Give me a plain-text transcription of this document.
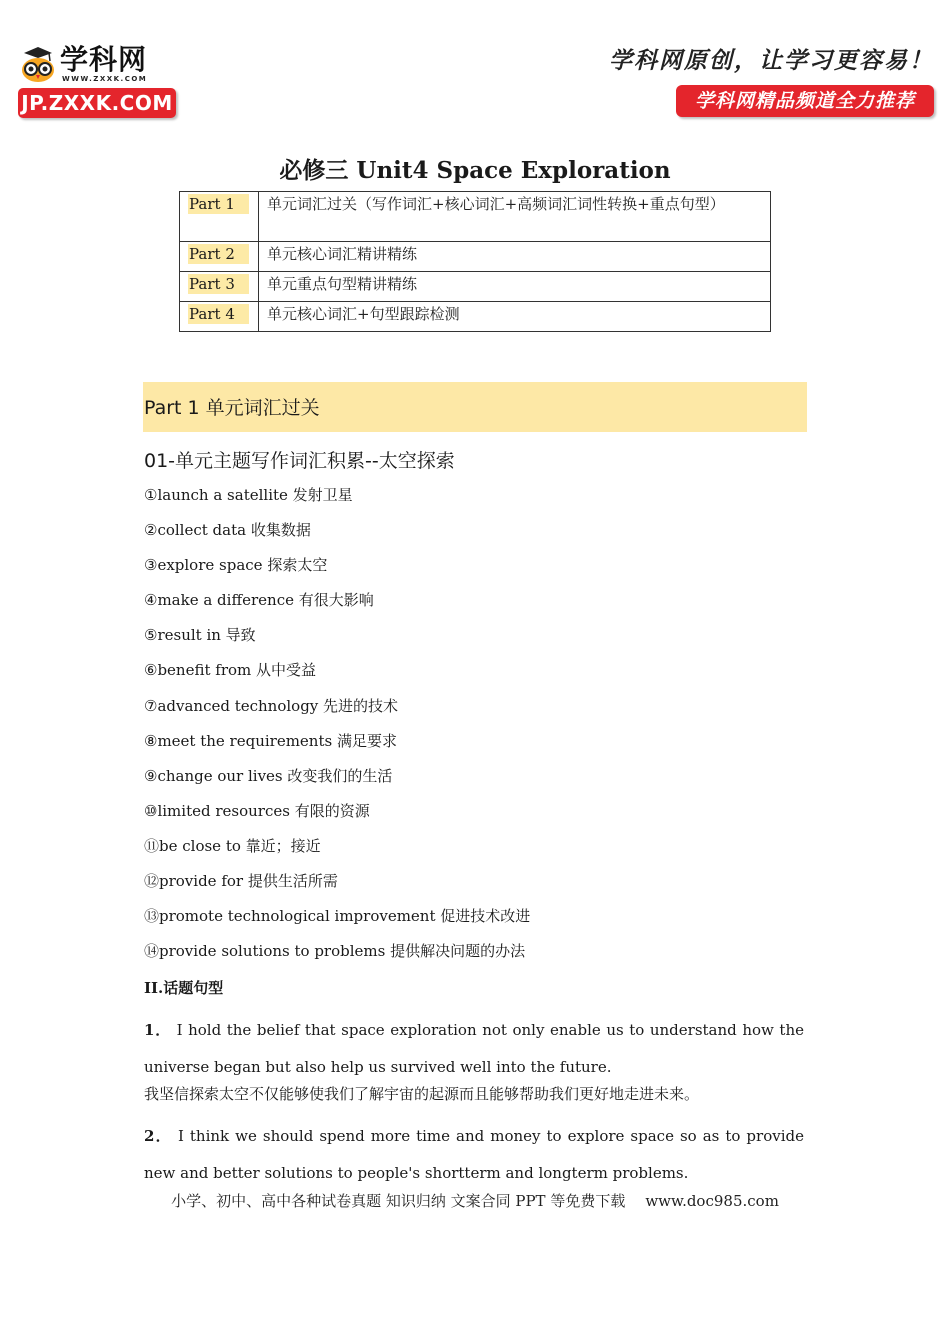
学科网
WWW.ZXXK.COM
JP.ZXXK.COM
学科网原创，让学习更容易！
学科网精品频道全力推荐
必修三 Unit4 Space Exploration
Part 1	单元词汇过关（写作词汇+核心词汇+高频词汇词性转换+重点句型）
Part 2	单元核心词汇精讲精练
Part 3	单元重点句型精讲精练
Part 4	单元核心词汇+句型跟踪检测
Part 1 单元词汇过关
01-单元主题写作词汇积累--太空探索
①launch a satellite 发射卫星
②collect data 收集数据
③explore space 探索太空
④make a difference 有很大影响
⑤result in 导致
⑥benefit from 从中受益
⑦advanced technology 先进的技术
⑧meet the requirements 满足要求
⑨change our lives 改变我们的生活
⑩limited resources 有限的资源
⑪be close to 靠近；接近
⑫provide for 提供生活所需
⑬promote technological improvement 促进技术改进
⑭provide solutions to problems 提供解决问题的办法
II.话题句型
1． I hold the belief that space exploration not only enable us to understand how the universe began but also help us survived well into the future.
我坚信探索太空不仅能够使我们了解宇宙的起源而且能够帮助我们更好地走进未来。
2． I think we should spend more time and money to explore space so as to provide new and better solutions to people's shortterm and longterm problems.
小学、初中、高中各种试卷真题 知识归纳 文案合同 PPT 等免费下载 www.doc985.com
